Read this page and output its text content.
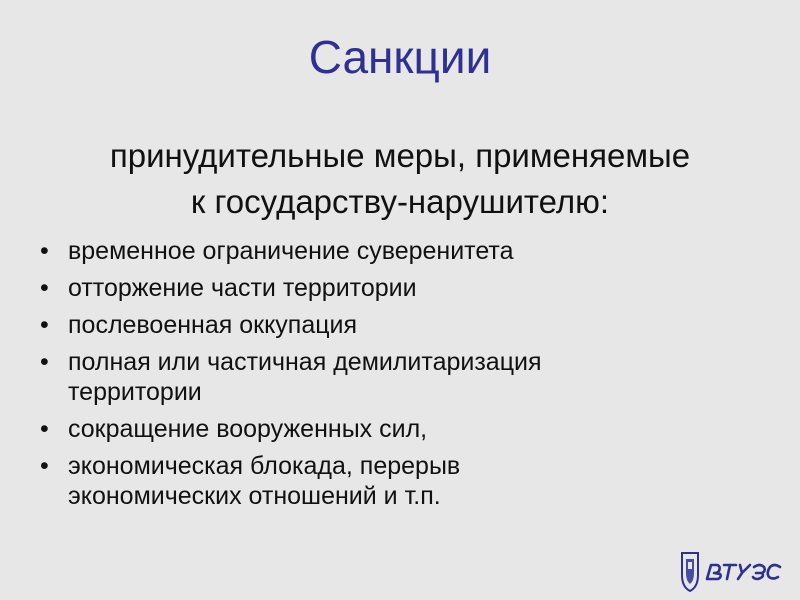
Санкции

принудительные меры, применяемые
к государству-нарушителю:

• временное ограничение суверенитета
• отторжение части территории
• послевоенная оккупация
• полная или частичная демилитаризация
территории
• сокращение вооруженных сил,
• экономическая блокада, перерыв
экономических отношений и т.п.
